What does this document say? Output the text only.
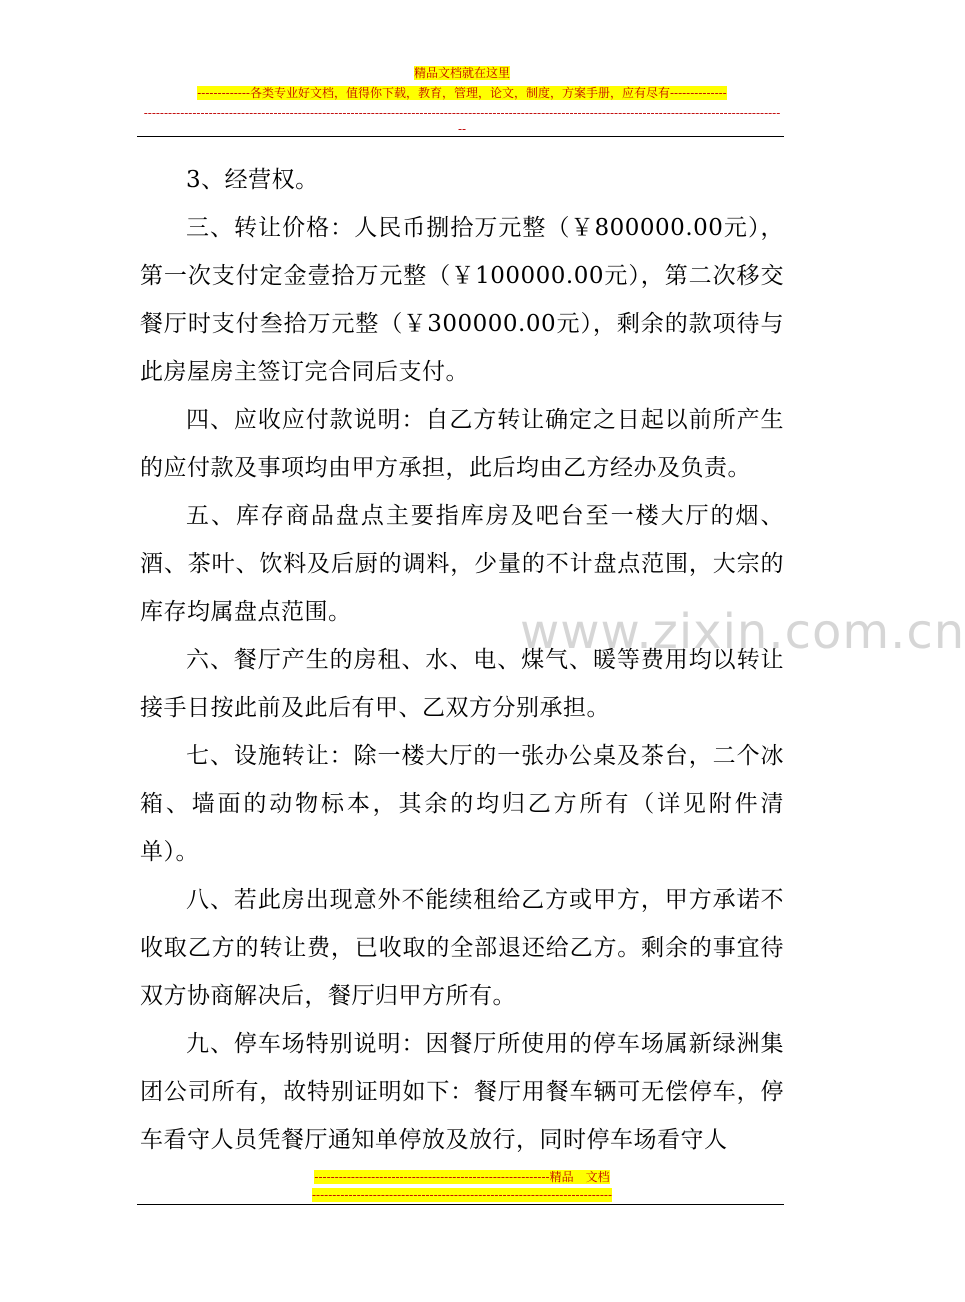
精品文档就在这里
-------------各类专业好文档，值得你下载，教育，管理，论文，制度，方案手册，应有尽有--------------
-------------------------------------------------------------------------------------------------------------------------------------------------------------
--

3、经营权。

三、转让价格：人民币捌拾万元整（￥800000.00元），第一次支付定金壹拾万元整（￥100000.00元），第二次移交餐厅时支付叁拾万元整（￥300000.00元），剩余的款项待与此房屋房主签订完合同后支付。

四、应收应付款说明：自乙方转让确定之日起以前所产生的应付款及事项均由甲方承担，此后均由乙方经办及负责。

五、库存商品盘点主要指库房及吧台至一楼大厅的烟、酒、茶叶、饮料及后厨的调料，少量的不计盘点范围，大宗的库存均属盘点范围。

六、餐厅产生的房租、水、电、煤气、暖等费用均以转让接手日按此前及此后有甲、乙双方分别承担。

七、设施转让：除一楼大厅的一张办公桌及茶台，二个冰箱、墙面的动物标本，其余的均归乙方所有（详见附件清单）。

八、若此房出现意外不能续租给乙方或甲方，甲方承诺不收取乙方的转让费，已收取的全部退还给乙方。剩余的事宜待双方协商解决后，餐厅归甲方所有。

九、停车场特别说明：因餐厅所使用的停车场属新绿洲集团公司所有，故特别证明如下：餐厅用餐车辆可无偿停车，停车看守人员凭餐厅通知单停放及放行，同时停车场看守人

www.zixin.com.cn
----------------------------------------------------------精品　文档
--------------------------------------------------------------------------
